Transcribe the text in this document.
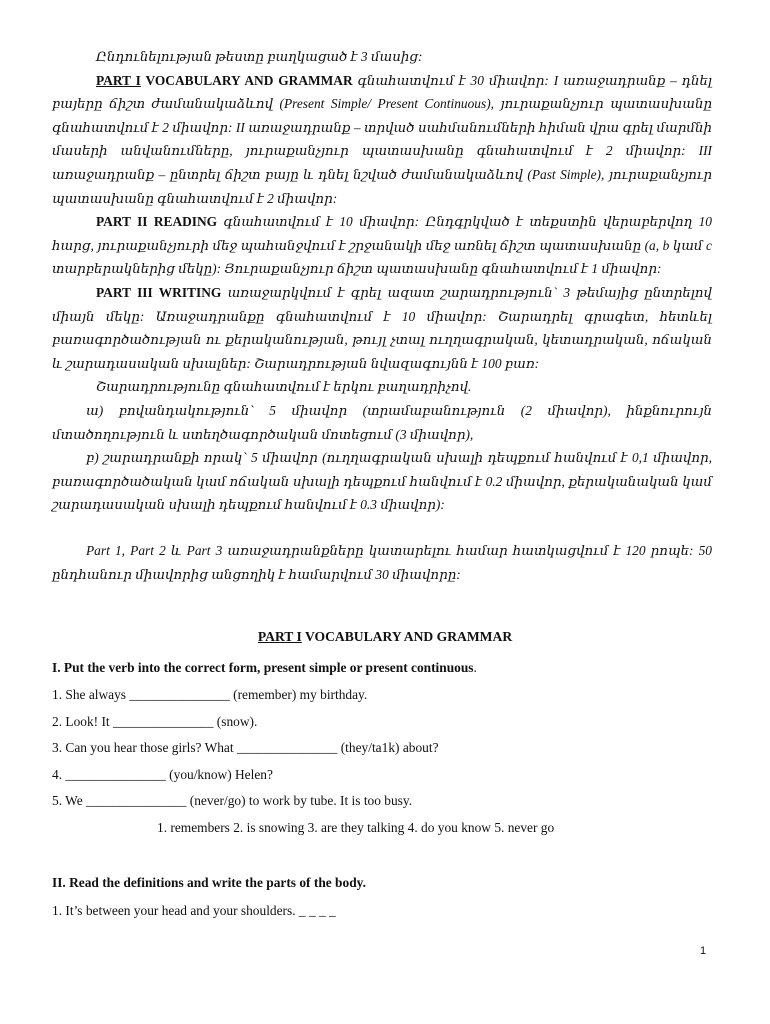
Ընդունելության թեստը բաղկացած է 3 մասից:

PART I VOCABULARY AND GRAMMAR գնահատվում է 30 միավոր: I առաջադրանք – դնել բայերը ճիշտ ժամանակաձևով (Present Simple/ Present Continuous), յուրաքանչյուր պատասխանը գնահատվում է 2 միավոր: II առաջադրանք – տրված սահմանումների հիման վրա գրել մարմնի մասերի անվանումները, յուրաքանչյուր պատասխանը գնահատվում է 2 միավոր: III առաջադրանք – ընտրել ճիշտ բայը և դնել նշված ժամանակաձևով (Past Simple), յուրաքանչյուր պատասխանը գնահատվում է 2 միավոր:

PART II READING գնահատվում է 10 միավոր: Ընդգրկված է տեքստին վերաբերվող 10 հարց, յուրաքանչյուրի մեջ պահանջվում է շրջանակի մեջ առնել ճիշտ պատասխանը (a, b կամ c տարբերակներից մեկը): Յուրաքանչյուր ճիշտ պատասխանը գնահատվում է 1 միավոր:

PART III WRITING առաջարկվում է գրել ազատ շարադրություն` 3 թեմայից ընտրելով միայն մեկը: Առաջադրանքը գնահատվում է 10 միավոր: Շարադրել գրագետ, հետևել բառագործածության ու քերականության, թույլ չտալ ուղղագրական, կետադրական, ոճական և շարադասական սխալներ: Շարադրության նվազագույնն է 100 բառ:

Շարադրությունը գնահատվում է երկու բաղադրիչով.

ա) բովանդակություն` 5 միավոր (տրամաբանություն (2 միավոր), ինքնուրույն մտածողություն և ստեղծագործական մոտեցում (3 միավոր),

բ) շարադրանքի որակ` 5 միավոր (ուղղագրական սխալի դեպքում հանվում է 0,1 միավոր, բառագործածական կամ ոճական սխալի դեպքում հանվում է 0.2 միավոր, քերականական կամ շարադասական սխալի դեպքում հանվում է 0.3 միավոր):

Part 1, Part 2 և Part 3 առաջադրանքները կատարելու համար հատկացվում է 120 րոպե: 50 ընդհանուր միավորից անցողիկ է համարվում 30 միավորը:

PART I VOCABULARY AND GRAMMAR
I. Put the verb into the correct form, present simple or present continuous.
1. She always _______________ (remember) my birthday.
2. Look! It _______________ (snow).
3. Can you hear those girls? What _______________ (they/ta1k) about?
4. _______________ (you/know) Helen?
5. We _______________ (never/go) to work by tube. It is too busy.
1. remembers 2. is snowing 3. are they talking 4. do you know 5. never go
II. Read the definitions and write the parts of the body.
1. It’s between your head and your shoulders. _ _ _ _
1
